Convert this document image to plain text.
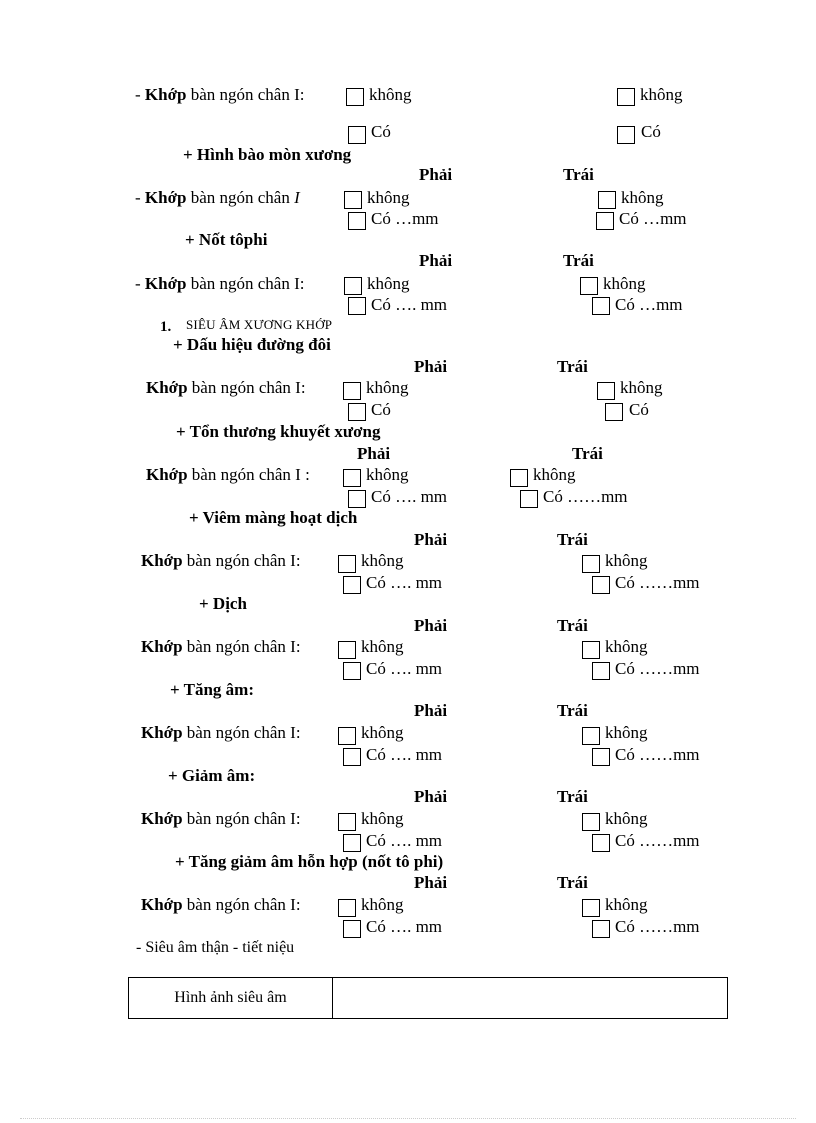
- Khớp bàn ngón chân I:	không	không
Có	Có
+ Hình bào mòn xương
Phải	Trái
- Khớp bàn ngón chân I	không	không
Có …mm	Có …mm
+ Nốt tôphi
Phải	Trái
- Khớp bàn ngón chân I:	không	không
Có …. mm	Có …mm
1. SIÊU ÂM XƯƠNG KHỚP
+ Dấu hiệu đường đôi
Phải	Trái
Khớp bàn ngón chân I:	không	không
Có	Có
+ Tổn thương khuyết xương
Phải	Trái
Khớp bàn ngón chân I :	không	không
Có …. mm	Có ……mm
+ Viêm màng hoạt dịch
Phải	Trái
Khớp bàn ngón chân I:	không	không
Có …. mm	Có ……mm
+ Dịch
Phải	Trái
Khớp bàn ngón chân I:	không	không
Có …. mm	Có ……mm
+ Tăng âm:
Phải	Trái
Khớp bàn ngón chân I:	không	không
Có …. mm	Có ……mm
+ Giảm âm:
Phải	Trái
Khớp bàn ngón chân I:	không	không
Có …. mm	Có ……mm
+ Tăng giảm âm hỗn hợp (nốt tô phi)
Phải	Trái
Khớp bàn ngón chân I:	không	không
Có …. mm	Có ……mm
- Siêu âm thận - tiết niệu
Hình ảnh siêu âm
